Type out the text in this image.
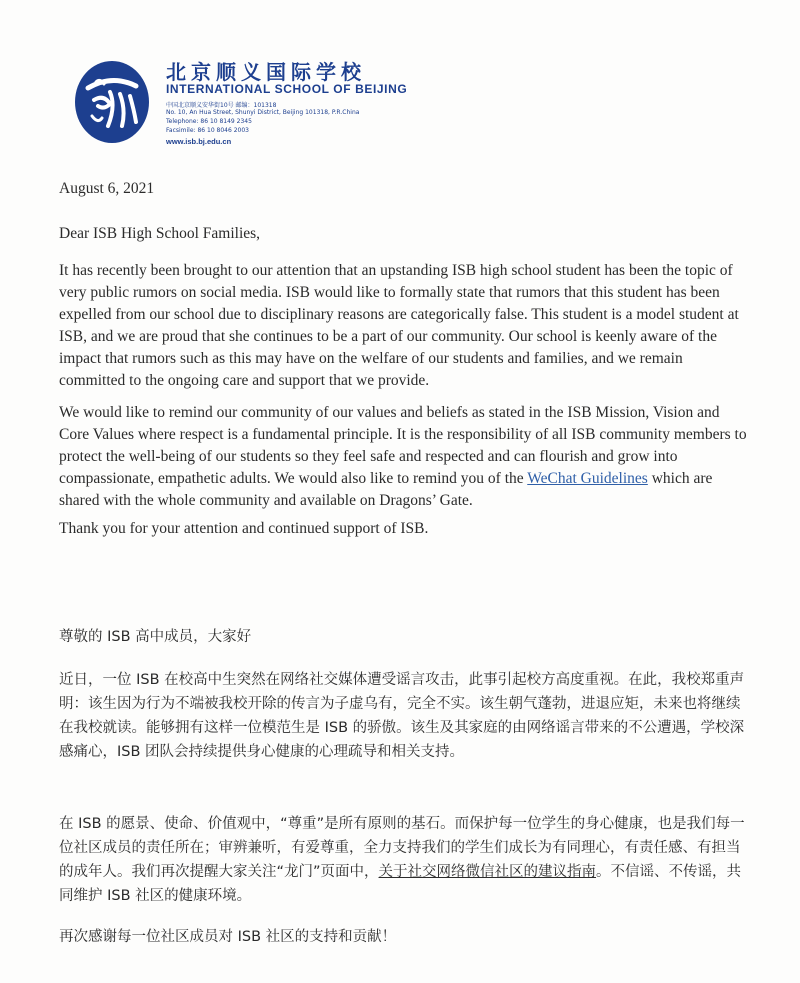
北京顺义国际学校
INTERNATIONAL SCHOOL OF BEIJING
中国北京顺义安华街10号 邮编：101318
No. 10, An Hua Street, Shunyi District, Beijing 101318, P.R.China
Telephone: 86 10 8149 2345
Facsimile: 86 10 8046 2003
www.isb.bj.edu.cn

August 6, 2021

Dear ISB High School Families,

It has recently been brought to our attention that an upstanding ISB high school student has been the topic of very public rumors on social media. ISB would like to formally state that rumors that this student has been expelled from our school due to disciplinary reasons are categorically false. This student is a model student at ISB, and we are proud that she continues to be a part of our community. Our school is keenly aware of the impact that rumors such as this may have on the welfare of our students and families, and we remain committed to the ongoing care and support that we provide.

We would like to remind our community of our values and beliefs as stated in the ISB Mission, Vision and Core Values where respect is a fundamental principle. It is the responsibility of all ISB community members to protect the well-being of our students so they feel safe and respected and can flourish and grow into compassionate, empathetic adults. We would also like to remind you of the WeChat Guidelines which are shared with the whole community and available on Dragons’ Gate.

Thank you for your attention and continued support of ISB.

尊敬的 ISB 高中成员，大家好

近日，一位 ISB 在校高中生突然在网络社交媒体遭受谣言攻击，此事引起校方高度重视。在此，我校郑重声明：该生因为行为不端被我校开除的传言为子虚乌有，完全不实。该生朝气蓬勃，进退应矩，未来也将继续在我校就读。能够拥有这样一位模范生是 ISB 的骄傲。该生及其家庭的由网络谣言带来的不公遭遇，学校深感痛心，ISB 团队会持续提供身心健康的心理疏导和相关支持。

在 ISB 的愿景、使命、价值观中，“尊重”是所有原则的基石。而保护每一位学生的身心健康，也是我们每一位社区成员的责任所在；审辨兼听，有爱尊重，全力支持我们的学生们成长为有同理心，有责任感、有担当的成年人。我们再次提醒大家关注“龙门”页面中，关于社交网络微信社区的建议指南。不信谣、不传谣，共同维护 ISB 社区的健康环境。

再次感谢每一位社区成员对 ISB 社区的支持和贡献！
